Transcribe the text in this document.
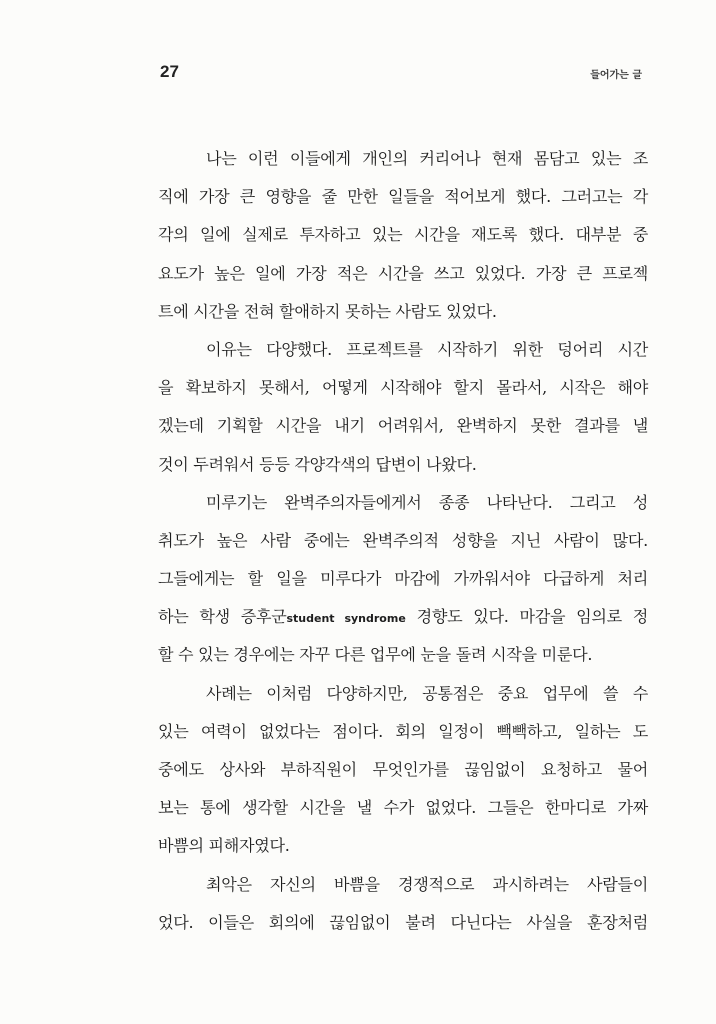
27	들어가는 글
나는 이런 이들에게 개인의 커리어나 현재 몸담고 있는 조
직에 가장 큰 영향을 줄 만한 일들을 적어보게 했다. 그러고는 각
각의 일에 실제로 투자하고 있는 시간을 재도록 했다. 대부분 중
요도가 높은 일에 가장 적은 시간을 쓰고 있었다. 가장 큰 프로젝
트에 시간을 전혀 할애하지 못하는 사람도 있었다.
이유는 다양했다. 프로젝트를 시작하기 위한 덩어리 시간
을 확보하지 못해서, 어떻게 시작해야 할지 몰라서, 시작은 해야
겠는데 기획할 시간을 내기 어려워서, 완벽하지 못한 결과를 낼
것이 두려워서 등등 각양각색의 답변이 나왔다.
미루기는 완벽주의자들에게서 종종 나타난다. 그리고 성
취도가 높은 사람 중에는 완벽주의적 성향을 지닌 사람이 많다.
그들에게는 할 일을 미루다가 마감에 가까워서야 다급하게 처리
하는 학생 증후군student syndrome 경향도 있다. 마감을 임의로 정
할 수 있는 경우에는 자꾸 다른 업무에 눈을 돌려 시작을 미룬다.
사례는 이처럼 다양하지만, 공통점은 중요 업무에 쓸 수
있는 여력이 없었다는 점이다. 회의 일정이 빽빽하고, 일하는 도
중에도 상사와 부하직원이 무엇인가를 끊임없이 요청하고 물어
보는 통에 생각할 시간을 낼 수가 없었다. 그들은 한마디로 가짜
바쁨의 피해자였다.
최악은 자신의 바쁨을 경쟁적으로 과시하려는 사람들이
었다. 이들은 회의에 끊임없이 불려 다닌다는 사실을 훈장처럼
